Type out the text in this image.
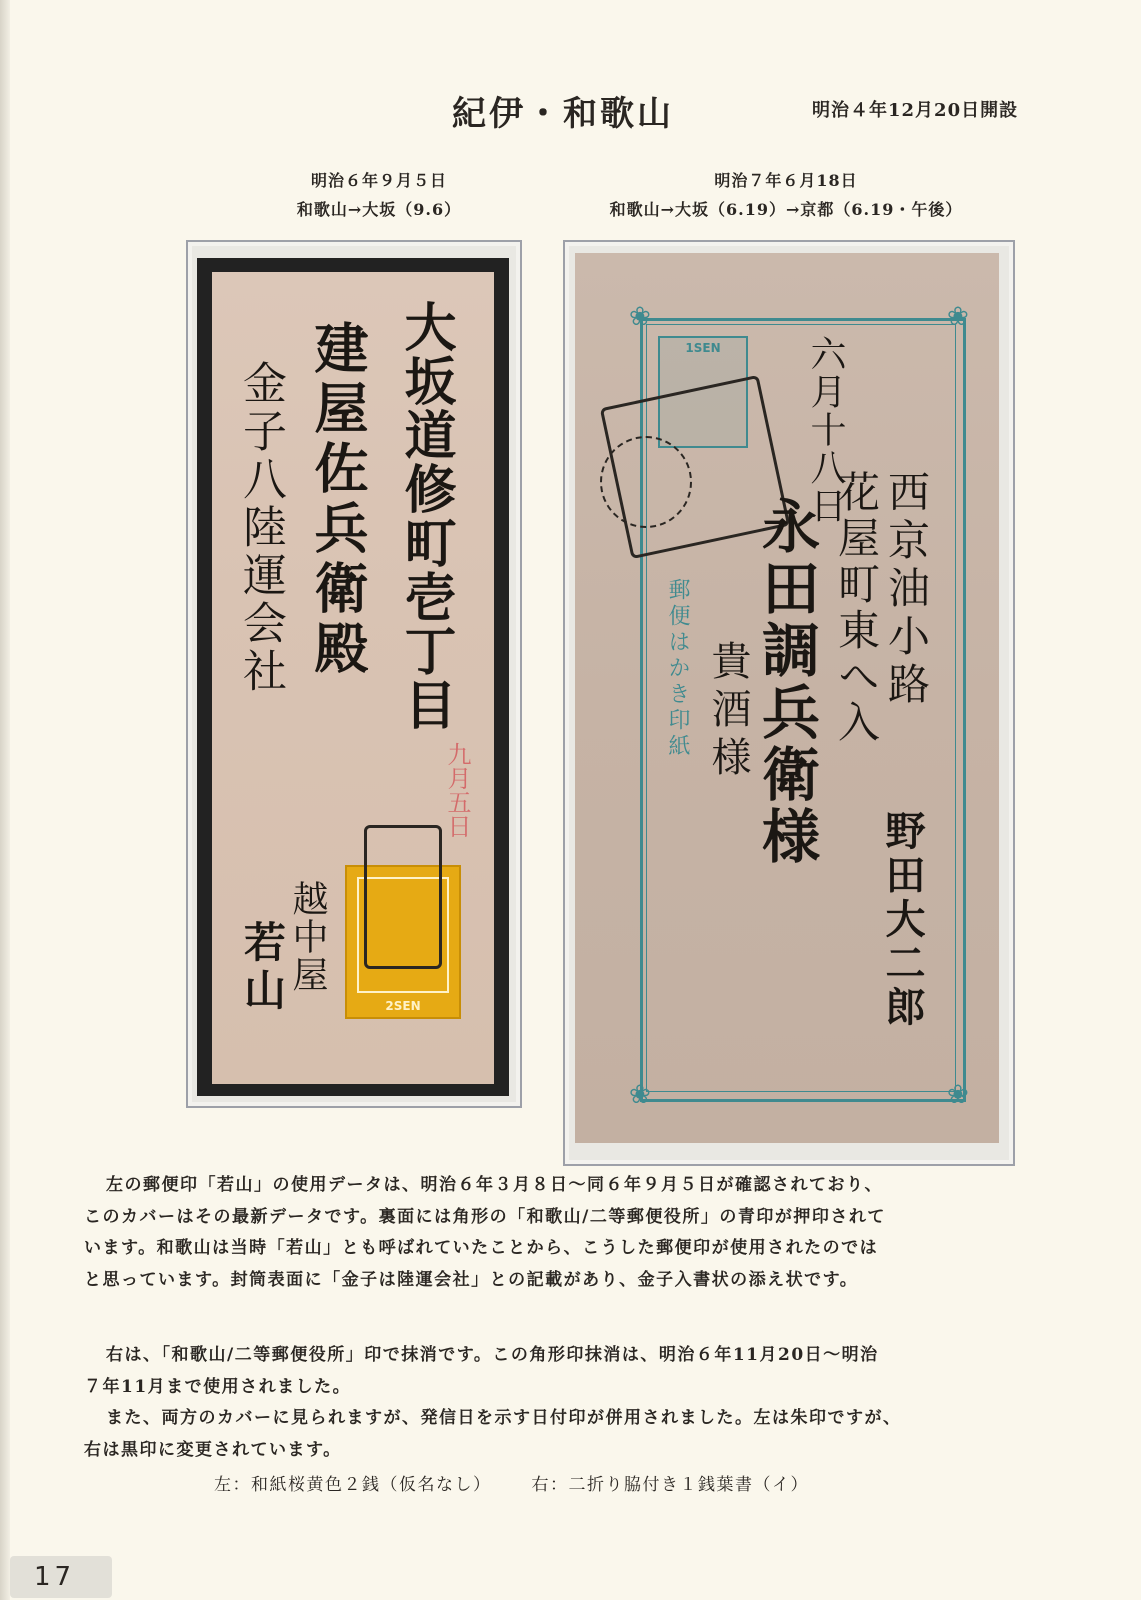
紀伊・和歌山	明治４年12月20日開設
明治６年９月５日
和歌山→大坂（9.6）
明治７年６月18日
和歌山→大坂（6.19）→京都（6.19・午後）
大坂道修町壱丁目
建屋佐兵衛殿
金子八陸運会社
越中屋
若山
九月五日
2SEN
❀	❀
❀	❀
1SEN	六月十八日
郵便はかき印紙	西京油小路
花屋町東へ入
永田調兵衛様
貴酒様
野田大二郎
左の郵便印「若山」の使用データは、明治６年３月８日～同６年９月５日が確認されており、
このカバーはその最新データです。裏面には角形の「和歌山/二等郵便役所」の青印が押印されて
います。和歌山は当時「若山」とも呼ばれていたことから、こうした郵便印が使用されたのでは
と思っています。封筒表面に「金子は陸運会社」との記載があり、金子入書状の添え状です。
右は、「和歌山/二等郵便役所」印で抹消です。この角形印抹消は、明治６年11月20日～明治
７年11月まで使用されました。
また、両方のカバーに見られますが、発信日を示す日付印が併用されました。左は朱印ですが、
右は黒印に変更されています。
左：和紙桜黄色２銭（仮名なし） 右：二折り脇付き１銭葉書（イ）
17
